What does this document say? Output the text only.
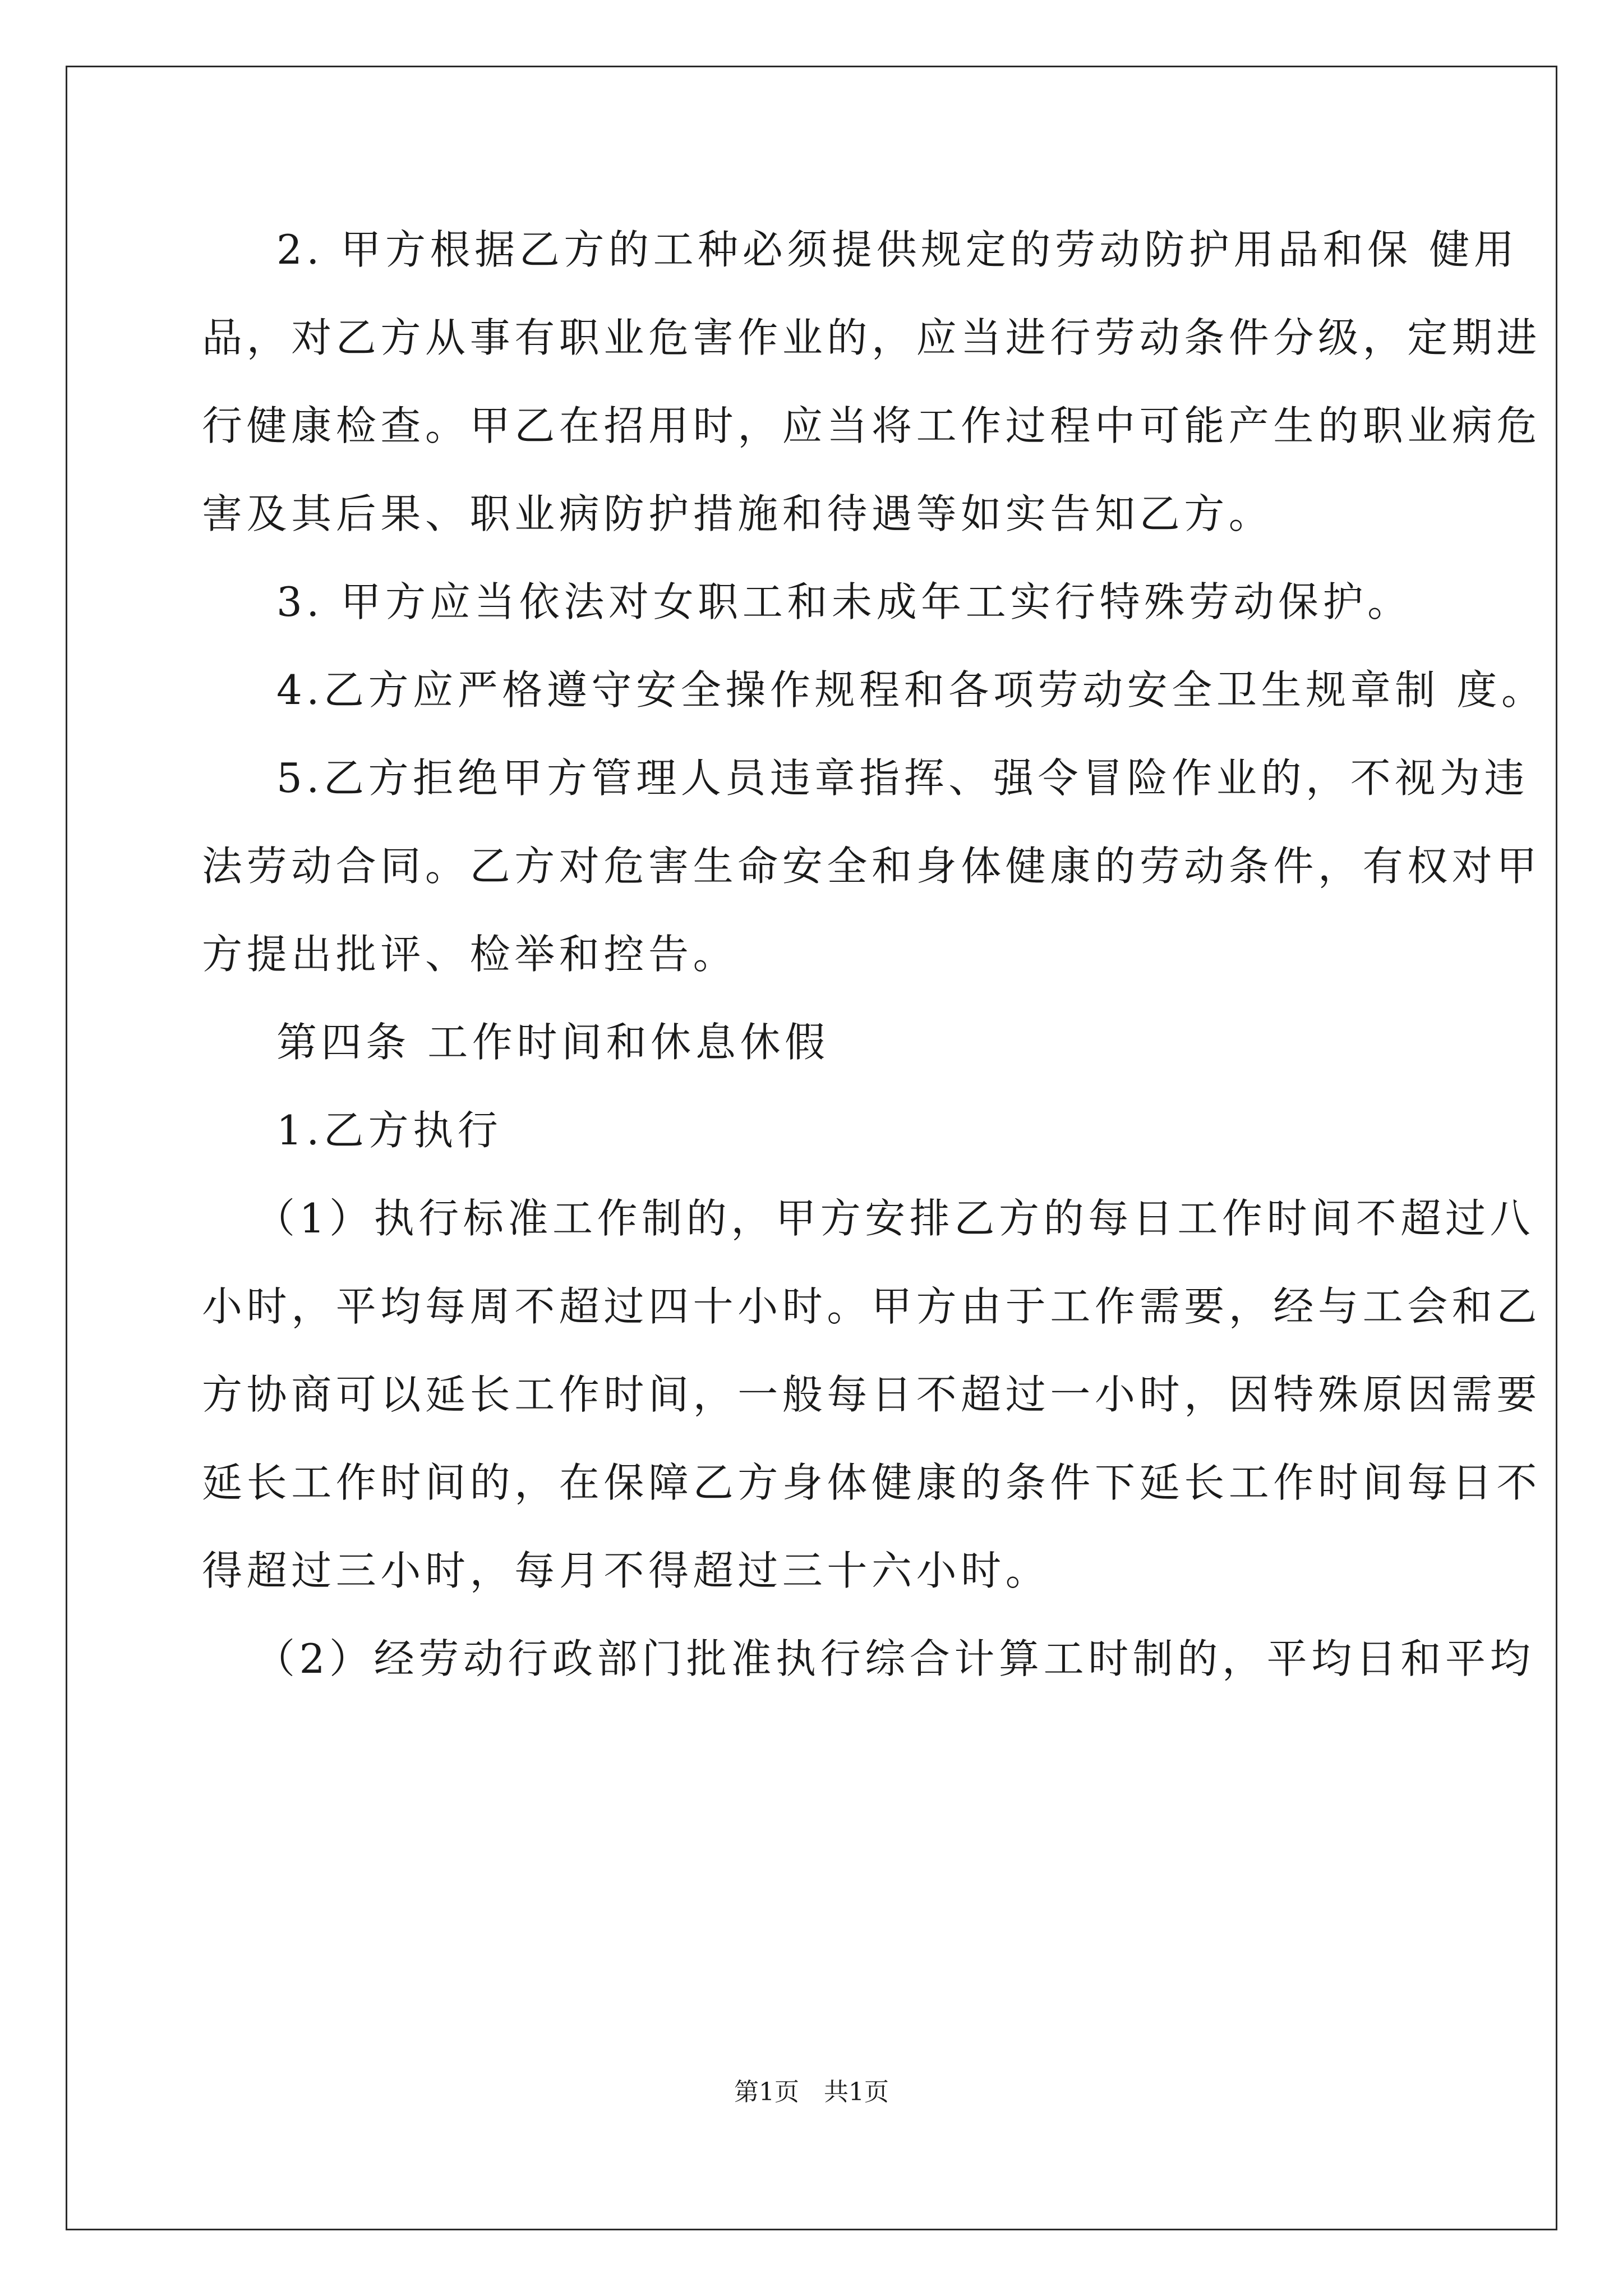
2. 甲方根据乙方的工种必须提供规定的劳动防护用品和保 健用
品，对乙方从事有职业危害作业的，应当进行劳动条件分级，定期进
行健康检查。甲乙在招用时，应当将工作过程中可能产生的职业病危
害及其后果、职业病防护措施和待遇等如实告知乙方。
3. 甲方应当依法对女职工和未成年工实行特殊劳动保护。
4.乙方应严格遵守安全操作规程和各项劳动安全卫生规章制 度。
5.乙方拒绝甲方管理人员违章指挥、强令冒险作业的，不视为违
法劳动合同。乙方对危害生命安全和身体健康的劳动条件，有权对甲
方提出批评、检举和控告。
第四条 工作时间和休息休假
1.乙方执行
（1）执行标准工作制的，甲方安排乙方的每日工作时间不超过八
小时，平均每周不超过四十小时。甲方由于工作需要，经与工会和乙
方协商可以延长工作时间，一般每日不超过一小时，因特殊原因需要
延长工作时间的，在保障乙方身体健康的条件下延长工作时间每日不
得超过三小时，每月不得超过三十六小时。
（2）经劳动行政部门批准执行综合计算工时制的，平均日和平均
第1页　共1页
